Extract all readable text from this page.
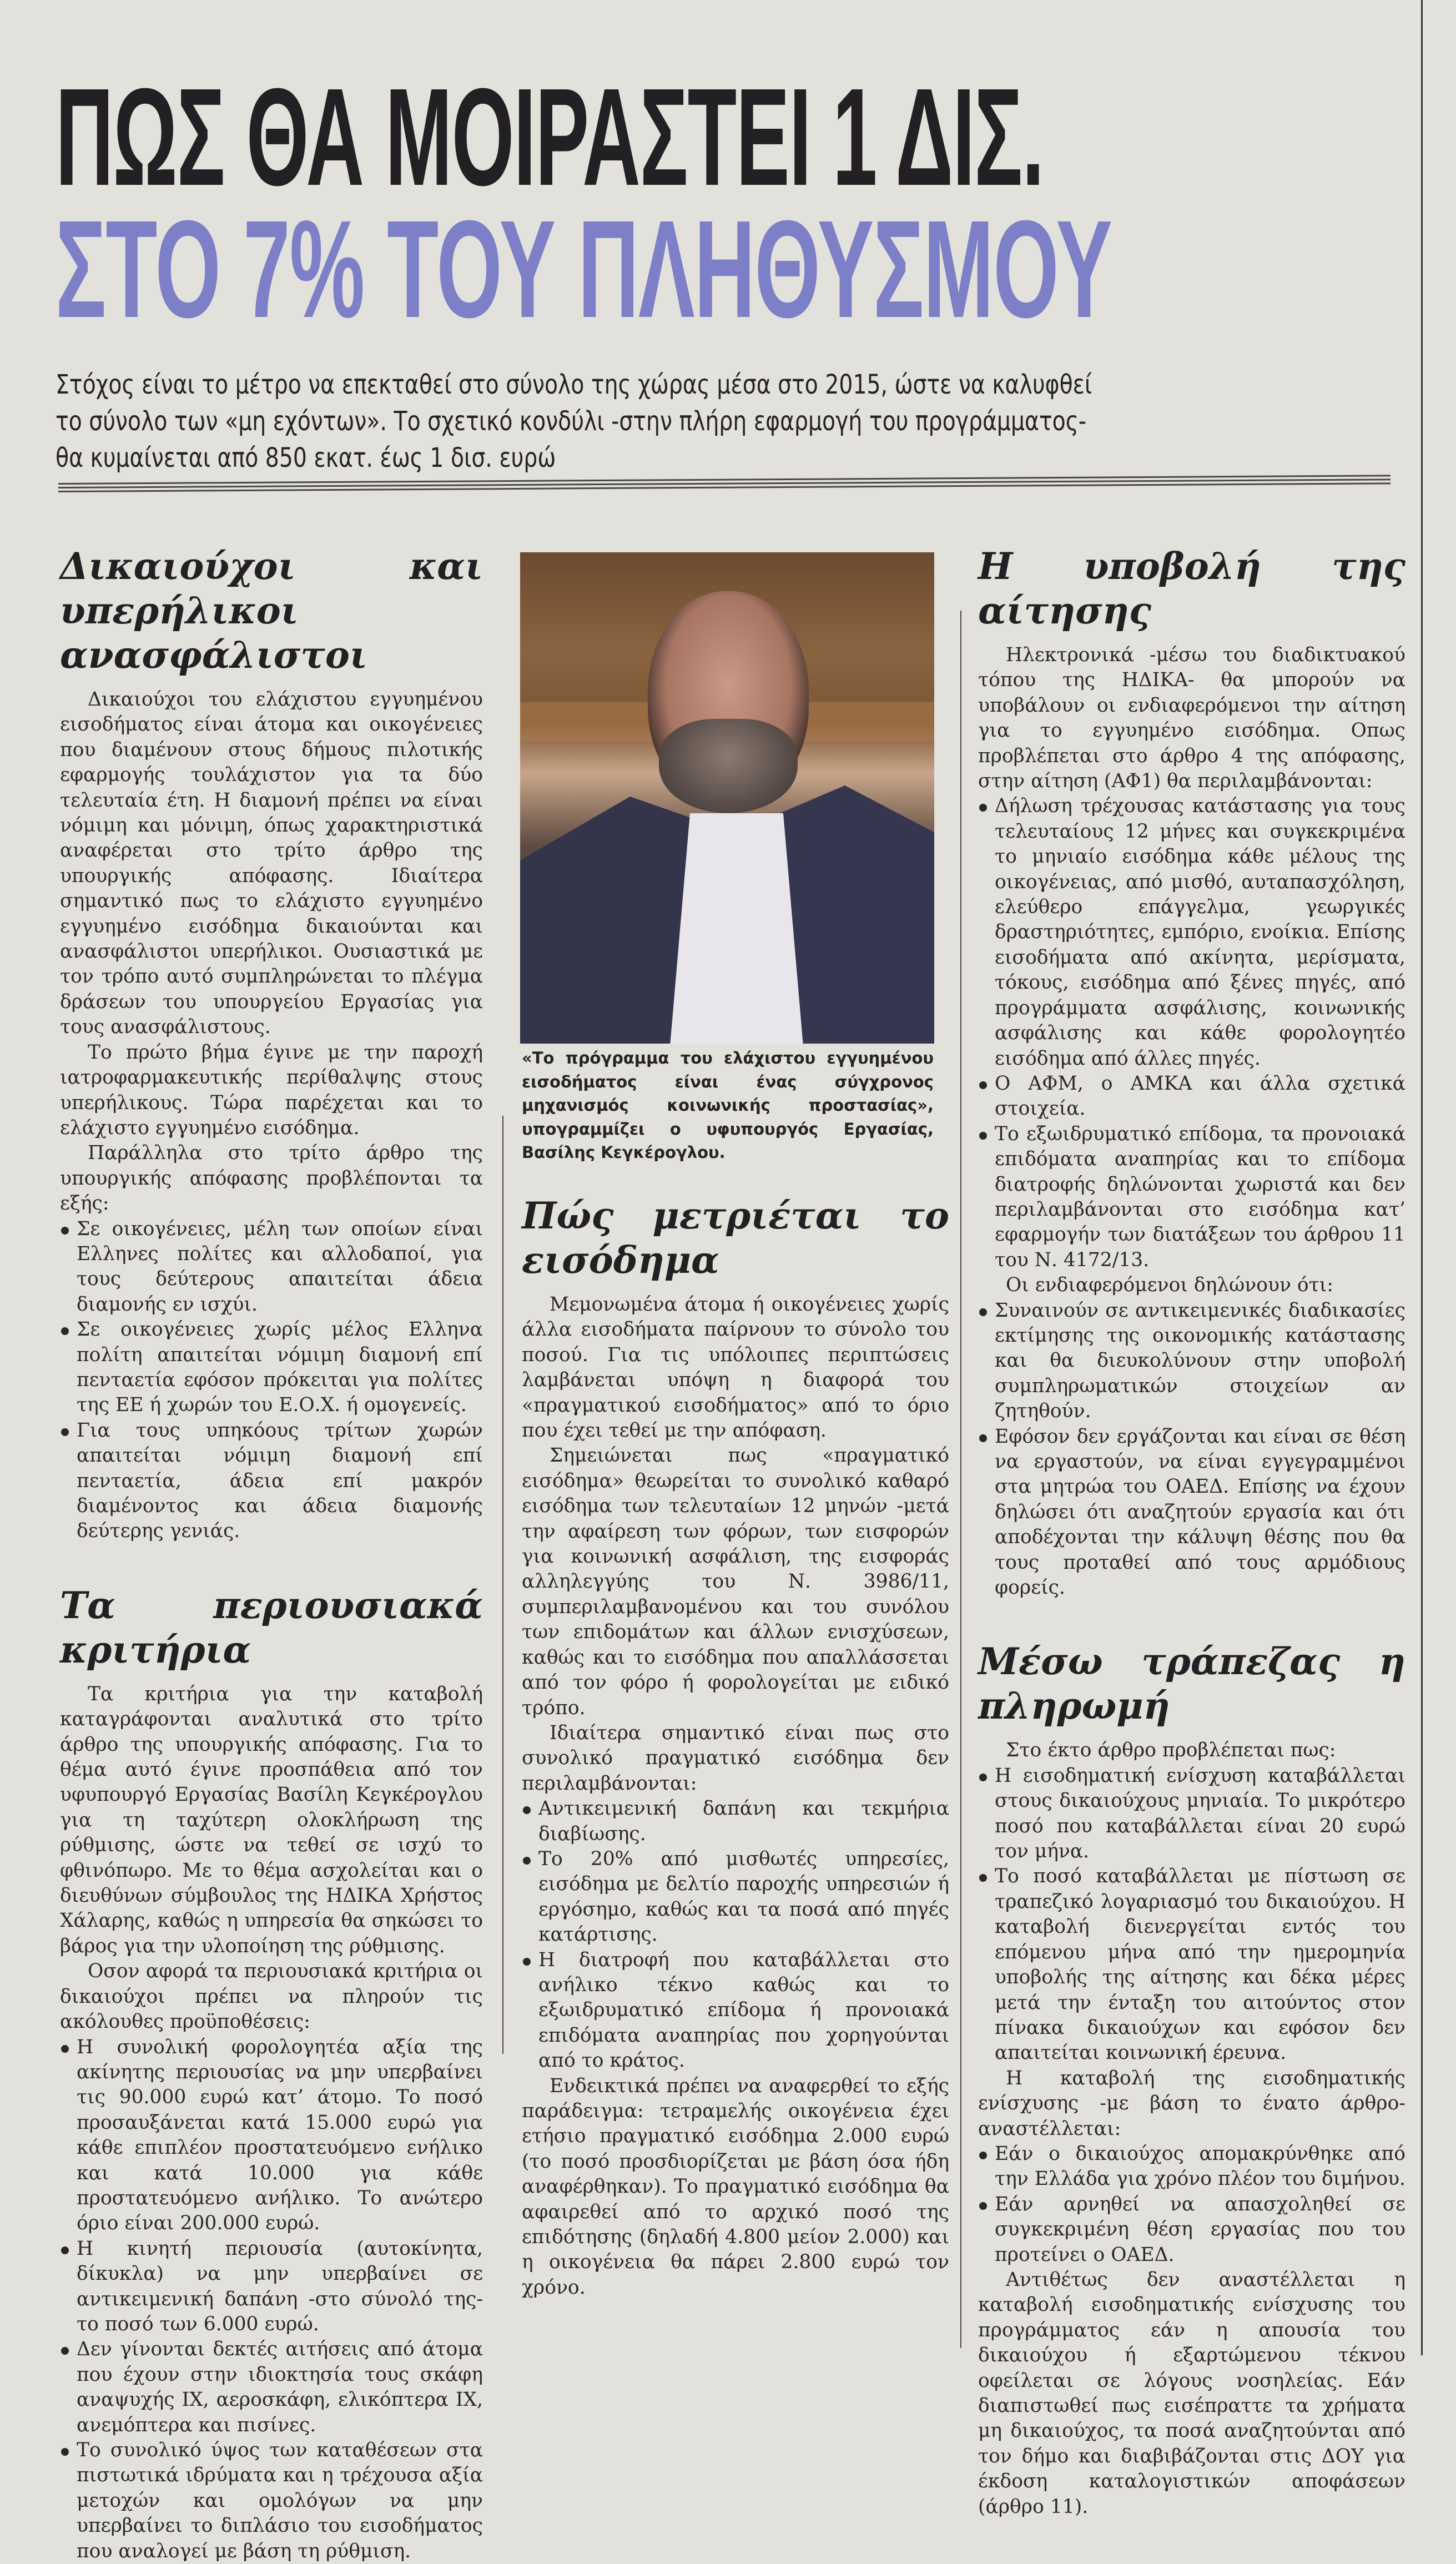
ΠΩΣ ΘΑ ΜΟΙΡΑΣΤΕΙ 1 ΔΙΣ.
ΣΤΟ 7% ΤΟΥ ΠΛΗΘΥΣΜΟΥ
Στόχος είναι το μέτρο να επεκταθεί στο σύνολο της χώρας μέσα στο 2015, ώστε να καλυφθεί
το σύνολο των «μη εχόντων». Το σχετικό κονδύλι -στην πλήρη εφαρμογή του προγράμματος-
θα κυμαίνεται από 850 εκατ. έως 1 δισ. ευρώ
Δικαιούχοι και υπερήλικοι ανασφάλιστοι

Δικαιούχοι του ελάχιστου εγγυημένου εισοδήματος είναι άτομα και οικογένειες που διαμένουν στους δήμους πιλοτικής εφαρμογής τουλάχιστον για τα δύο τελευταία έτη. Η διαμονή πρέπει να είναι νόμιμη και μόνιμη, όπως χαρακτηριστικά αναφέρεται στο τρίτο άρθρο της υπουργικής απόφασης. Ιδιαίτερα σημαντικό πως το ελάχιστο εγγυημένο εγγυημένο εισόδημα δικαιούνται και ανασφάλιστοι υπερήλικοι. Ουσιαστικά με τον τρόπο αυτό συμπληρώνεται το πλέγμα δράσεων του υπουργείου Εργασίας για τους ανασφάλιστους.

Το πρώτο βήμα έγινε με την παροχή ιατροφαρμακευτικής περίθαλψης στους υπερήλικους. Τώρα παρέχεται και το ελάχιστο εγγυημένο εισόδημα.

Παράλληλα στο τρίτο άρθρο της υπουργικής απόφασης προβλέπονται τα εξής:

Σε οικογένειες, μέλη των οποίων είναι Ελληνες πολίτες και αλλοδαποί, για τους δεύτερους απαιτείται άδεια διαμονής εν ισχύι.
Σε οικογένειες χωρίς μέλος Ελληνα πολίτη απαιτείται νόμιμη διαμονή επί πενταετία εφόσον πρόκειται για πολίτες της ΕΕ ή χωρών του Ε.Ο.Χ. ή ομογενείς.
Για τους υπηκόους τρίτων χωρών απαιτείται νόμιμη διαμονή επί πενταετία, άδεια επί μακρόν διαμένοντος και άδεια διαμονής δεύτερης γενιάς.
Τα περιουσιακά κριτήρια

Τα κριτήρια για την καταβολή καταγράφονται αναλυτικά στο τρίτο άρθρο της υπουργικής απόφασης. Για το θέμα αυτό έγινε προσπάθεια από τον υφυπουργό Εργασίας Βασίλη Κεγκέρογλου για τη ταχύτερη ολοκλήρωση της ρύθμισης, ώστε να τεθεί σε ισχύ το φθινόπωρο. Με το θέμα ασχολείται και ο διευθύνων σύμβουλος της ΗΔΙΚΑ Χρήστος Χάλαρης, καθώς η υπηρεσία θα σηκώσει το βάρος για την υλοποίηση της ρύθμισης.

Οσον αφορά τα περιουσιακά κριτήρια οι δικαιούχοι πρέπει να πληρούν τις ακόλουθες προϋποθέσεις:

Η συνολική φορολογητέα αξία της ακίνητης περιουσίας να μην υπερβαίνει τις 90.000 ευρώ κατ’ άτομο. Το ποσό προσαυξάνεται κατά 15.000 ευρώ για κάθε επιπλέον προστατευόμενο ενήλικο και κατά 10.000 για κάθε προστατευόμενο ανήλικο. Το ανώτερο όριο είναι 200.000 ευρώ.
Η κινητή περιουσία (αυτοκίνητα, δίκυκλα) να μην υπερβαίνει σε αντικειμενική δαπάνη -στο σύνολό της- το ποσό των 6.000 ευρώ.
Δεν γίνονται δεκτές αιτήσεις από άτομα που έχουν στην ιδιοκτησία τους σκάφη αναψυχής ΙΧ, αεροσκάφη, ελικόπτερα ΙΧ, ανεμόπτερα και πισίνες.
Το συνολικό ύψος των καταθέσεων στα πιστωτικά ιδρύματα και η τρέχουσα αξία μετοχών και ομολόγων να μην υπερβαίνει το διπλάσιο του εισοδήματος που αναλογεί με βάση τη ρύθμιση.
«Το πρόγραμμα του ελάχιστου εγγυημένου εισοδήματος είναι ένας σύγχρονος μηχανισμός κοινωνικής προστασίας», υπογραμμίζει ο υφυπουργός Εργασίας, Βασίλης Κεγκέρογλου.
Πώς μετριέται το εισόδημα

Μεμονωμένα άτομα ή οικογένειες χωρίς άλλα εισοδήματα παίρνουν το σύνολο του ποσού. Για τις υπόλοιπες περιπτώσεις λαμβάνεται υπόψη η διαφορά του «πραγματικού εισοδήματος» από το όριο που έχει τεθεί με την απόφαση.

Σημειώνεται πως «πραγματικό εισόδημα» θεωρείται το συνολικό καθαρό εισόδημα των τελευταίων 12 μηνών -μετά την αφαίρεση των φόρων, των εισφορών για κοινωνική ασφάλιση, της εισφοράς αλληλεγγύης του Ν. 3986/11, συμπεριλαμβανομένου και του συνόλου των επιδομάτων και άλλων ενισχύσεων, καθώς και το εισόδημα που απαλλάσσεται από τον φόρο ή φορολογείται με ειδικό τρόπο.

Ιδιαίτερα σημαντικό είναι πως στο συνολικό πραγματικό εισόδημα δεν περιλαμβάνονται:

Αντικειμενική δαπάνη και τεκμήρια διαβίωσης.
Το 20% από μισθωτές υπηρεσίες, εισόδημα με δελτίο παροχής υπηρεσιών ή εργόσημο, καθώς και τα ποσά από πηγές κατάρτισης.
Η διατροφή που καταβάλλεται στο ανήλικο τέκνο καθώς και το εξωιδρυματικό επίδομα ή προνοιακά επιδόματα αναπηρίας που χορηγούνται από το κράτος.

Ενδεικτικά πρέπει να αναφερθεί το εξής παράδειγμα: τετραμελής οικογένεια έχει ετήσιο πραγματικό εισόδημα 2.000 ευρώ (το ποσό προσδιορίζεται με βάση όσα ήδη αναφέρθηκαν). Το πραγματικό εισόδημα θα αφαιρεθεί από το αρχικό ποσό της επιδότησης (δηλαδή 4.800 μείον 2.000) και η οικογένεια θα πάρει 2.800 ευρώ τον χρόνο.

Η υποβολή της αίτησης

Ηλεκτρονικά -μέσω του διαδικτυακού τόπου της ΗΔΙΚΑ- θα μπορούν να υποβάλουν οι ενδιαφερόμενοι την αίτηση για το εγγυημένο εισόδημα. Οπως προβλέπεται στο άρθρο 4 της απόφασης, στην αίτηση (ΑΦ1) θα περιλαμβάνονται:

Δήλωση τρέχουσας κατάστασης για τους τελευταίους 12 μήνες και συγκεκριμένα το μηνιαίο εισόδημα κάθε μέλους της οικογένειας, από μισθό, αυταπασχόληση, ελεύθερο επάγγελμα, γεωργικές δραστηριότητες, εμπόριο, ενοίκια. Επίσης εισοδήματα από ακίνητα, μερίσματα, τόκους, εισόδημα από ξένες πηγές, από προγράμματα ασφάλισης, κοινωνικής ασφάλισης και κάθε φορολογητέο εισόδημα από άλλες πηγές.
Ο ΑΦΜ, ο ΑΜΚΑ και άλλα σχετικά στοιχεία.
Το εξωιδρυματικό επίδομα, τα προνοιακά επιδόματα αναπηρίας και το επίδομα διατροφής δηλώνονται χωριστά και δεν περιλαμβάνονται στο εισόδημα κατ’ εφαρμογήν των διατάξεων του άρθρου 11 του Ν. 4172/13.

Οι ενδιαφερόμενοι δηλώνουν ότι:

Συναινούν σε αντικειμενικές διαδικασίες εκτίμησης της οικονομικής κατάστασης και θα διευκολύνουν στην υποβολή συμπληρωματικών στοιχείων αν ζητηθούν.
Εφόσον δεν εργάζονται και είναι σε θέση να εργαστούν, να είναι εγγεγραμμένοι στα μητρώα του ΟΑΕΔ. Επίσης να έχουν δηλώσει ότι αναζητούν εργασία και ότι αποδέχονται την κάλυψη θέσης που θα τους προταθεί από τους αρμόδιους φορείς.
Μέσω τράπεζας η πληρωμή

Στο έκτο άρθρο προβλέπεται πως:

Η εισοδηματική ενίσχυση καταβάλλεται στους δικαιούχους μηνιαία. Το μικρότερο ποσό που καταβάλλεται είναι 20 ευρώ τον μήνα.
Το ποσό καταβάλλεται με πίστωση σε τραπεζικό λογαριασμό του δικαιούχου. Η καταβολή διενεργείται εντός του επόμενου μήνα από την ημερομηνία υποβολής της αίτησης και δέκα μέρες μετά την ένταξη του αιτούντος στον πίνακα δικαιούχων και εφόσον δεν απαιτείται κοινωνική έρευνα.

Η καταβολή της εισοδηματικής ενίσχυσης -με βάση το ένατο άρθρο- αναστέλλεται:

Εάν ο δικαιούχος απομακρύνθηκε από την Ελλάδα για χρόνο πλέον του διμήνου.
Εάν αρνηθεί να απασχοληθεί σε συγκεκριμένη θέση εργασίας που του προτείνει ο ΟΑΕΔ.

Αντιθέτως δεν αναστέλλεται η καταβολή εισοδηματικής ενίσχυσης του προγράμματος εάν η απουσία του δικαιούχου ή εξαρτώμενου τέκνου οφείλεται σε λόγους νοσηλείας. Εάν διαπιστωθεί πως εισέπραττε τα χρήματα μη δικαιούχος, τα ποσά αναζητούνται από τον δήμο και διαβιβάζονται στις ΔΟΥ για έκδοση καταλογιστικών αποφάσεων (άρθρο 11).
